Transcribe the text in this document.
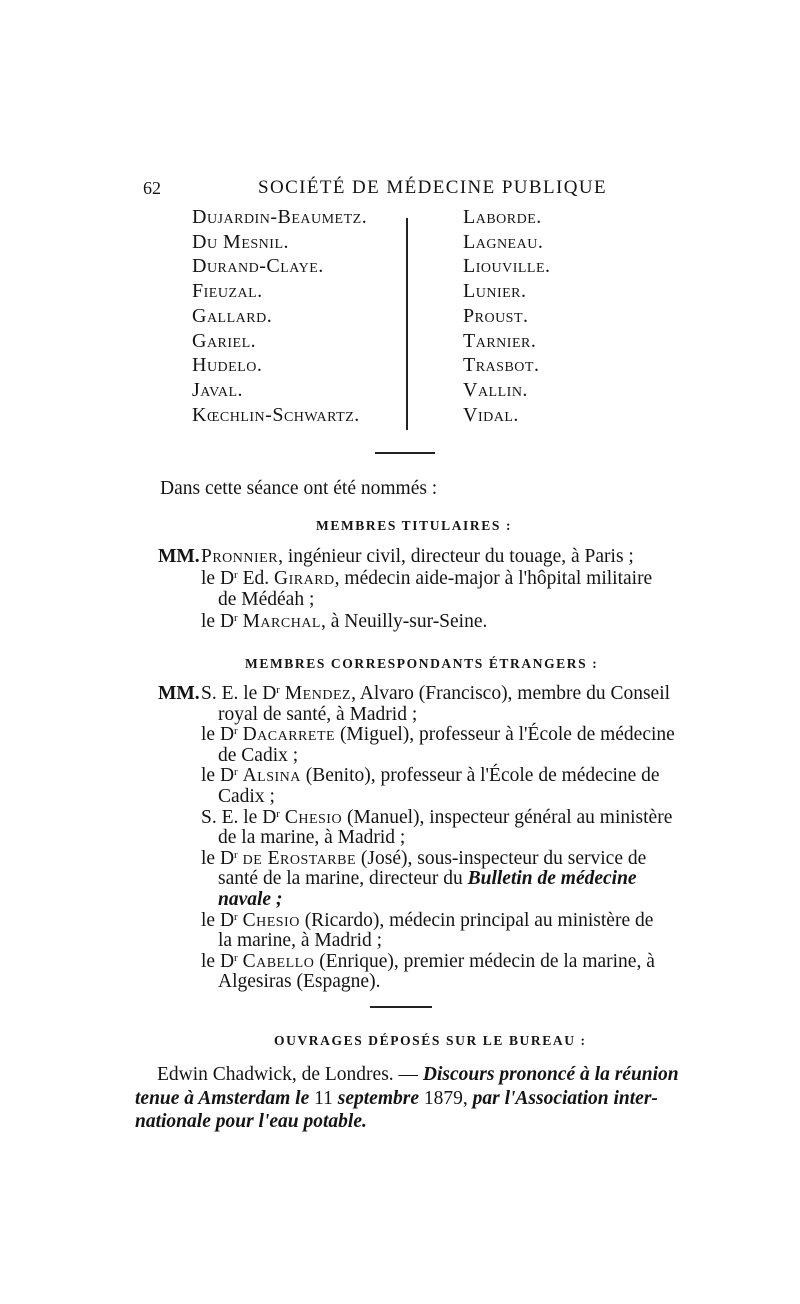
62	SOCIÉTÉ DE MÉDECINE PUBLIQUE
Dujardin-Beaumetz.
Du Mesnil.
Durand-Claye.
Fieuzal.
Gallard.
Gariel.
Hudelo.
Javal.
Kœchlin-Schwartz.
Laborde.
Lagneau.
Liouville.
Lunier.
Proust.
Tarnier.
Trasbot.
Vallin.
Vidal.
Dans cette séance ont été nommés :
MEMBRES TITULAIRES :
MM. Pronnier, ingénieur civil, directeur du touage, à Paris ;
le $D^r$ Ed. Girard, médecin aide-major à l'hôpital militaire
de Médéah ;
le $D^r$ Marchal, à Neuilly-sur-Seine.
MEMBRES CORRESPONDANTS ÉTRANGERS :
MM. S. E. le $D^r$ Mendez, Alvaro (Francisco), membre du Conseil
royal de santé, à Madrid ;
le $D^r$ Dacarrete (Miguel), professeur à l'École de médecine
de Cadix ;
le $D^r$ Alsina (Benito), professeur à l'École de médecine de
Cadix ;
S. E. le $D^r$ Chesio (Manuel), inspecteur général au ministère
de la marine, à Madrid ;
le $D^r$ de Erostarbe (José), sous-inspecteur du service de
santé de la marine, directeur du Bulletin de médecine
navale ;
le $D^r$ Chesio (Ricardo), médecin principal au ministère de
la marine, à Madrid ;
le $D^r$ Cabello (Enrique), premier médecin de la marine, à
Algesiras (Espagne).
OUVRAGES DÉPOSÉS SUR LE BUREAU :
Edwin Chadwick, de Londres. — Discours prononcé à la réunion
tenue à Amsterdam le 11 septembre 1879, par l'Association inter-
nationale pour l'eau potable.
